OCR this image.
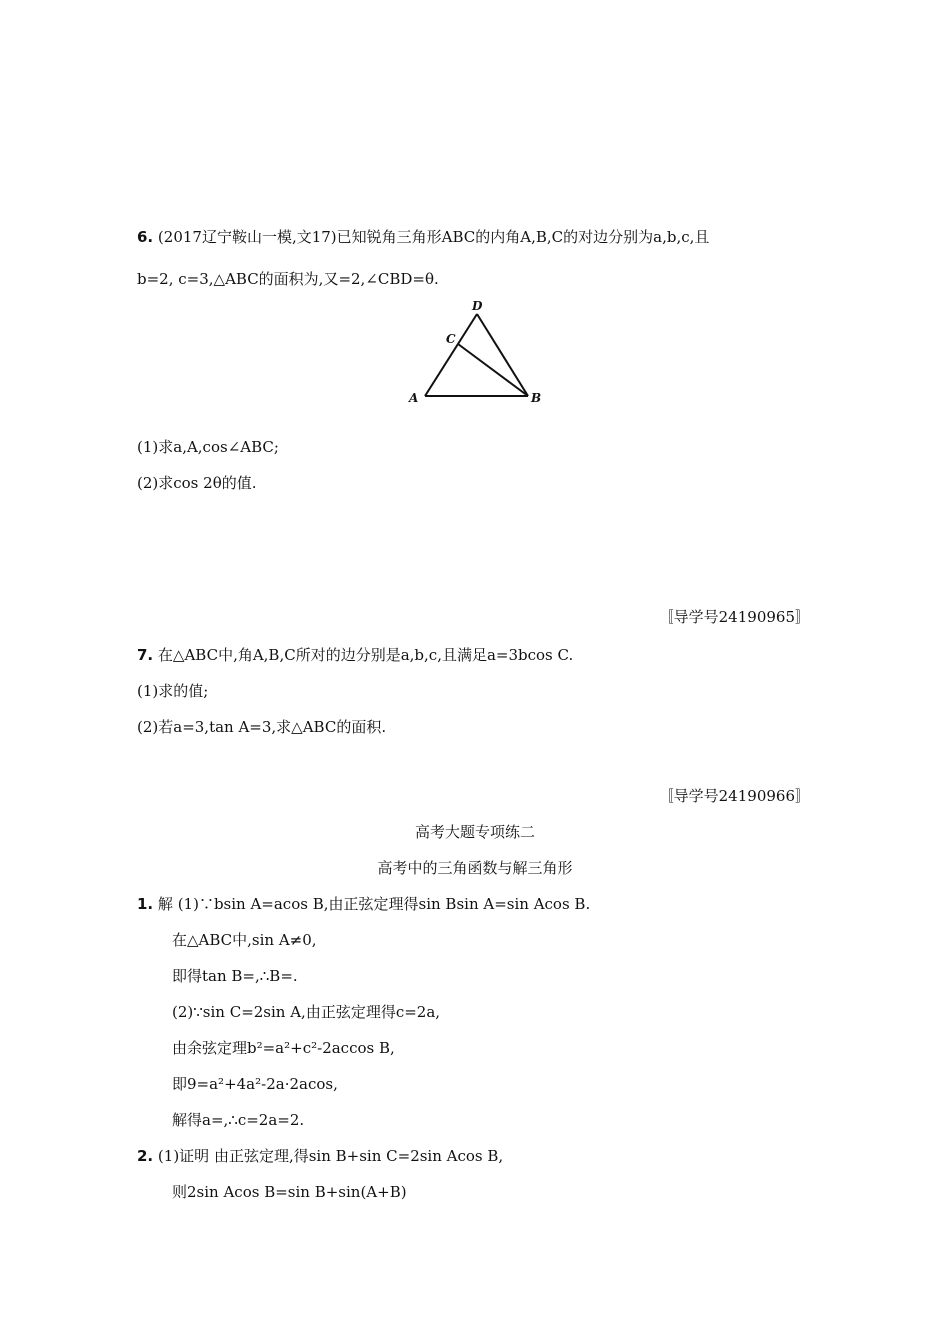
6. (2017辽宁鞍山一模,文17)已知锐角三角形ABC的内角A,B,C的对边分别为a,b,c,且
b=2, c=3,△ABC的面积为,又=2,∠CBD=θ.
D
C
A	B
(1)求a,A,cos∠ABC;
(2)求cos 2θ的值.
〚导学号24190965〛
7. 在△ABC中,角A,B,C所对的边分别是a,b,c,且满足a=3bcos C.
(1)求的值;
(2)若a=3,tan A=3,求△ABC的面积.
〚导学号24190966〛
高考大题专项练二
高考中的三角函数与解三角形
1. 解 (1)∵bsin A=acos B,由正弦定理得sin Bsin A=sin Acos B.
在△ABC中,sin A≠0,
即得tan B=,∴B=.
(2)∵sin C=2sin A,由正弦定理得c=2a,
由余弦定理b²=a²+c²-2accos B,
即9=a²+4a²-2a·2acos,
解得a=,∴c=2a=2.
2. (1)证明 由正弦定理,得sin B+sin C=2sin Acos B,
则2sin Acos B=sin B+sin(A+B)
